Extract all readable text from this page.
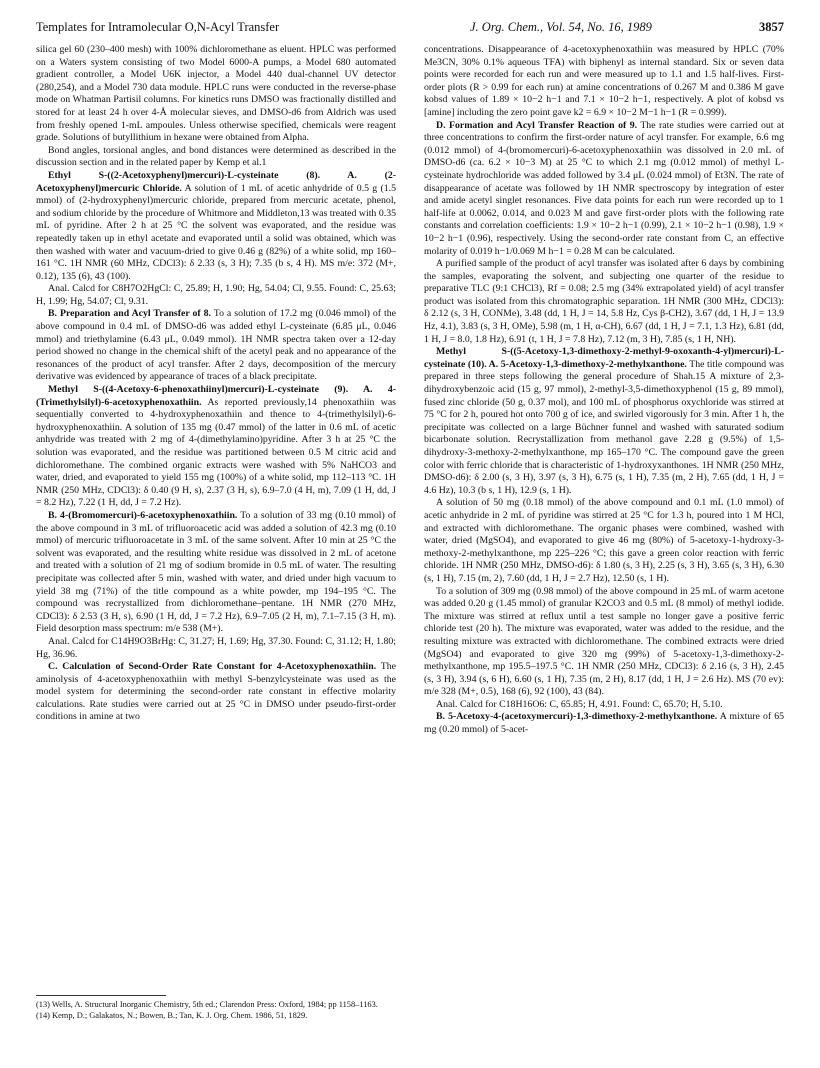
Templates for Intramolecular O,N-Acyl Transfer	J. Org. Chem., Vol. 54, No. 16, 1989	3857

silica gel 60 (230–400 mesh) with 100% dichloromethane as eluent. HPLC was performed on a Waters system consisting of two Model 6000-A pumps, a Model 680 automated gradient controller, a Model U6K injector, a Model 440 dual-channel UV detector (280,254), and a Model 730 data module. HPLC runs were conducted in the reverse-phase mode on Whatman Partisil columns. For kinetics runs DMSO was fractionally distilled and stored for at least 24 h over 4-Å molecular sieves, and DMSO-d6 from Aldrich was used from freshly opened 1-mL ampoules. Unless otherwise specified, chemicals were reagent grade. Solutions of butyllithium in hexane were obtained from Alpha.

Bond angles, torsional angles, and bond distances were determined as described in the discussion section and in the related paper by Kemp et al.1

Ethyl S-((2-Acetoxyphenyl)mercuri)-L-cysteinate (8). A. (2-Acetoxyphenyl)mercuric Chloride. A solution of 1 mL of acetic anhydride of 0.5 g (1.5 mmol) of (2-hydroxyphenyl)mercuric chloride, prepared from mercuric acetate, phenol, and sodium chloride by the procedure of Whitmore and Middleton,13 was treated with 0.35 mL of pyridine. After 2 h at 25 °C the solvent was evaporated, and the residue was repeatedly taken up in ethyl acetate and evaporated until a solid was obtained, which was then washed with water and vacuum-dried to give 0.46 g (82%) of a white solid, mp 160–161 °C. 1H NMR (60 MHz, CDCl3): δ 2.33 (s, 3 H); 7.35 (b s, 4 H). MS m/e: 372 (M+, 0.12), 135 (6), 43 (100).

Anal. Calcd for C8H7O2HgCl: C, 25.89; H, 1.90; Hg, 54.04; Cl, 9.55. Found: C, 25.63; H, 1.99; Hg, 54.07; Cl, 9.31.

B. Preparation and Acyl Transfer of 8. To a solution of 17.2 mg (0.046 mmol) of the above compound in 0.4 mL of DMSO-d6 was added ethyl L-cysteinate (6.85 μL, 0.046 mmol) and triethylamine (6.43 μL, 0.049 mmol). 1H NMR spectra taken over a 12-day period showed no change in the chemical shift of the acetyl peak and no appearance of the resonances of the product of acyl transfer. After 2 days, decomposition of the mercury derivative was evidenced by appearance of traces of a black precipitate.

Methyl S-((4-Acetoxy-6-phenoxathiinyl)mercuri)-L-cysteinate (9). A. 4-(Trimethylsilyl)-6-acetoxyphenoxathiin. As reported previously,14 phenoxathiin was sequentially converted to 4-hydroxyphenoxathiin and thence to 4-(trimethylsilyl)-6-hydroxyphenoxathiin. A solution of 135 mg (0.47 mmol) of the latter in 0.6 mL of acetic anhydride was treated with 2 mg of 4-(dimethylamino)pyridine. After 3 h at 25 °C the solution was evaporated, and the residue was partitioned between 0.5 M citric acid and dichloromethane. The combined organic extracts were washed with 5% NaHCO3 and water, dried, and evaporated to yield 155 mg (100%) of a white solid, mp 112–113 °C. 1H NMR (250 MHz, CDCl3): δ 0.40 (9 H, s), 2.37 (3 H, s), 6.9–7.0 (4 H, m), 7.09 (1 H, dd, J = 8.2 Hz), 7.22 (1 H, dd, J = 7.2 Hz).

B. 4-(Bromomercuri)-6-acetoxyphenoxathiin. To a solution of 33 mg (0.10 mmol) of the above compound in 3 mL of trifluoroacetic acid was added a solution of 42.3 mg (0.10 mmol) of mercuric trifluoroacetate in 3 mL of the same solvent. After 10 min at 25 °C the solvent was evaporated, and the resulting white residue was dissolved in 2 mL of acetone and treated with a solution of 21 mg of sodium bromide in 0.5 mL of water. The resulting precipitate was collected after 5 min, washed with water, and dried under high vacuum to yield 38 mg (71%) of the title compound as a white powder, mp 194–195 °C. The compound was recrystallized from dichloromethane–pentane. 1H NMR (270 MHz, CDCl3): δ 2.53 (3 H, s), 6.90 (1 H, dd, J = 7.2 Hz), 6.9–7.05 (2 H, m), 7.1–7.15 (3 H, m). Field desorption mass spectrum: m/e 538 (M+).

Anal. Calcd for C14H9O3BrHg: C, 31.27; H, 1.69; Hg, 37.30. Found: C, 31.12; H, 1.80; Hg, 36.96.

C. Calculation of Second-Order Rate Constant for 4-Acetoxyphenoxathiin. The aminolysis of 4-acetoxyphenoxathiin with methyl S-benzylcysteinate was used as the model system for determining the second-order rate constant in effective molarity calculations. Rate studies were carried out at 25 °C in DMSO under pseudo-first-order conditions in amine at two

concentrations. Disappearance of 4-acetoxyphenoxathiin was measured by HPLC (70% Me3CN, 30% 0.1% aqueous TFA) with biphenyl as internal standard. Six or seven data points were recorded for each run and were measured up to 1.1 and 1.5 half-lives. First-order plots (R > 0.99 for each run) at amine concentrations of 0.267 M and 0.386 M gave kobsd values of 1.89 × 10−2 h−1 and 7.1 × 10−2 h−1, respectively. A plot of kobsd vs [amine] including the zero point gave k2 = 6.9 × 10−2 M−1 h−1 (R = 0.999).

D. Formation and Acyl Transfer Reaction of 9. The rate studies were carried out at three concentrations to confirm the first-order nature of acyl transfer. For example, 6.6 mg (0.012 mmol) of 4-(bromomercuri)-6-acetoxyphenoxathiin was dissolved in 2.0 mL of DMSO-d6 (ca. 6.2 × 10−3 M) at 25 °C to which 2.1 mg (0.012 mmol) of methyl L-cysteinate hydrochloride was added followed by 3.4 μL (0.024 mmol) of Et3N. The rate of disappearance of acetate was followed by 1H NMR spectroscopy by integration of ester and amide acetyl singlet resonances. Five data points for each run were recorded up to 1 half-life at 0.0062, 0.014, and 0.023 M and gave first-order plots with the following rate constants and correlation coefficients: 1.9 × 10−2 h−1 (0.99), 2.1 × 10−2 h−1 (0.98), 1.9 × 10−2 h−1 (0.96), respectively. Using the second-order rate constant from C, an effective molarity of 0.019 h−1/0.069 M h−1 = 0.28 M can be calculated.

A purified sample of the product of acyl transfer was isolated after 6 days by combining the samples, evaporating the solvent, and subjecting one quarter of the residue to preparative TLC (9:1 CHCl3), Rf = 0.08; 2.5 mg (34% extrapolated yield) of acyl transfer product was isolated from this chromatographic separation. 1H NMR (300 MHz, CDCl3): δ 2.12 (s, 3 H, CONMe), 3.48 (dd, 1 H, J = 14, 5.8 Hz, Cys β-CH2), 3.67 (dd, 1 H, J = 13.9 Hz, 4.1), 3.83 (s, 3 H, OMe), 5.98 (m, 1 H, α-CH), 6.67 (dd, 1 H, J = 7.1, 1.3 Hz), 6.81 (dd, 1 H, J = 8.0, 1.8 Hz), 6.91 (t, 1 H, J = 7.8 Hz), 7.12 (m, 3 H), 7.85 (s, 1 H, NH).

Methyl S-((5-Acetoxy-1,3-dimethoxy-2-methyl-9-oxoxanth-4-yl)mercuri)-L-cysteinate (10). A. 5-Acetoxy-1,3-dimethoxy-2-methylxanthone. The title compound was prepared in three steps following the general procedure of Shah.15 A mixture of 2,3-dihydroxybenzoic acid (15 g, 97 mmol), 2-methyl-3,5-dimethoxyphenol (15 g, 89 mmol), fused zinc chloride (50 g, 0.37 mol), and 100 mL of phosphorus oxychloride was stirred at 75 °C for 2 h, poured hot onto 700 g of ice, and swirled vigorously for 3 min. After 1 h, the precipitate was collected on a large Büchner funnel and washed with saturated sodium bicarbonate solution. Recrystallization from methanol gave 2.28 g (9.5%) of 1,5-dihydroxy-3-methoxy-2-methylxanthone, mp 165–170 °C. The compound gave the green color with ferric chloride that is characteristic of 1-hydroxyxanthones. 1H NMR (250 MHz, DMSO-d6): δ 2.00 (s, 3 H), 3.97 (s, 3 H), 6.75 (s, 1 H), 7.35 (m, 2 H), 7.65 (dd, 1 H, J = 4.6 Hz), 10.3 (b s, 1 H), 12.9 (s, 1 H).

A solution of 50 mg (0.18 mmol) of the above compound and 0.1 mL (1.0 mmol) of acetic anhydride in 2 mL of pyridine was stirred at 25 °C for 1.3 h, poured into 1 M HCl, and extracted with dichloromethane. The organic phases were combined, washed with water, dried (MgSO4), and evaporated to give 46 mg (80%) of 5-acetoxy-1-hydroxy-3-methoxy-2-methylxanthone, mp 225–226 °C; this gave a green color reaction with ferric chloride. 1H NMR (250 MHz, DMSO-d6): δ 1.80 (s, 3 H), 2.25 (s, 3 H), 3.65 (s, 3 H), 6.30 (s, 1 H), 7.15 (m, 2), 7.60 (dd, 1 H, J = 2.7 Hz), 12.50 (s, 1 H).

To a solution of 309 mg (0.98 mmol) of the above compound in 25 mL of warm acetone was added 0.20 g (1.45 mmol) of granular K2CO3 and 0.5 mL (8 mmol) of methyl iodide. The mixture was stirred at reflux until a test sample no longer gave a positive ferric chloride test (20 h). The mixture was evaporated, water was added to the residue, and the resulting mixture was extracted with dichloromethane. The combined extracts were dried (MgSO4) and evaporated to give 320 mg (99%) of 5-acetoxy-1,3-dimethoxy-2-methylxanthone, mp 195.5–197.5 °C. 1H NMR (250 MHz, CDCl3): δ 2.16 (s, 3 H), 2.45 (s, 3 H), 3.94 (s, 6 H), 6.60 (s, 1 H), 7.35 (m, 2 H), 8.17 (dd, 1 H, J = 2.6 Hz). MS (70 ev): m/e 328 (M+, 0.5), 168 (6), 92 (100), 43 (84).

Anal. Calcd for C18H16O6: C, 65.85; H, 4.91. Found: C, 65.70; H, 5.10.

B. 5-Acetoxy-4-(acetoxymercuri)-1,3-dimethoxy-2-methylxanthone. A mixture of 65 mg (0.20 mmol) of 5-acet-

(13) Wells, A. Structural Inorganic Chemistry, 5th ed.; Clarendon Press: Oxford, 1984; pp 1158–1163.

(14) Kemp, D.; Galakatos, N.; Bowen, B.; Tan, K. J. Org. Chem. 1986, 51, 1829.
